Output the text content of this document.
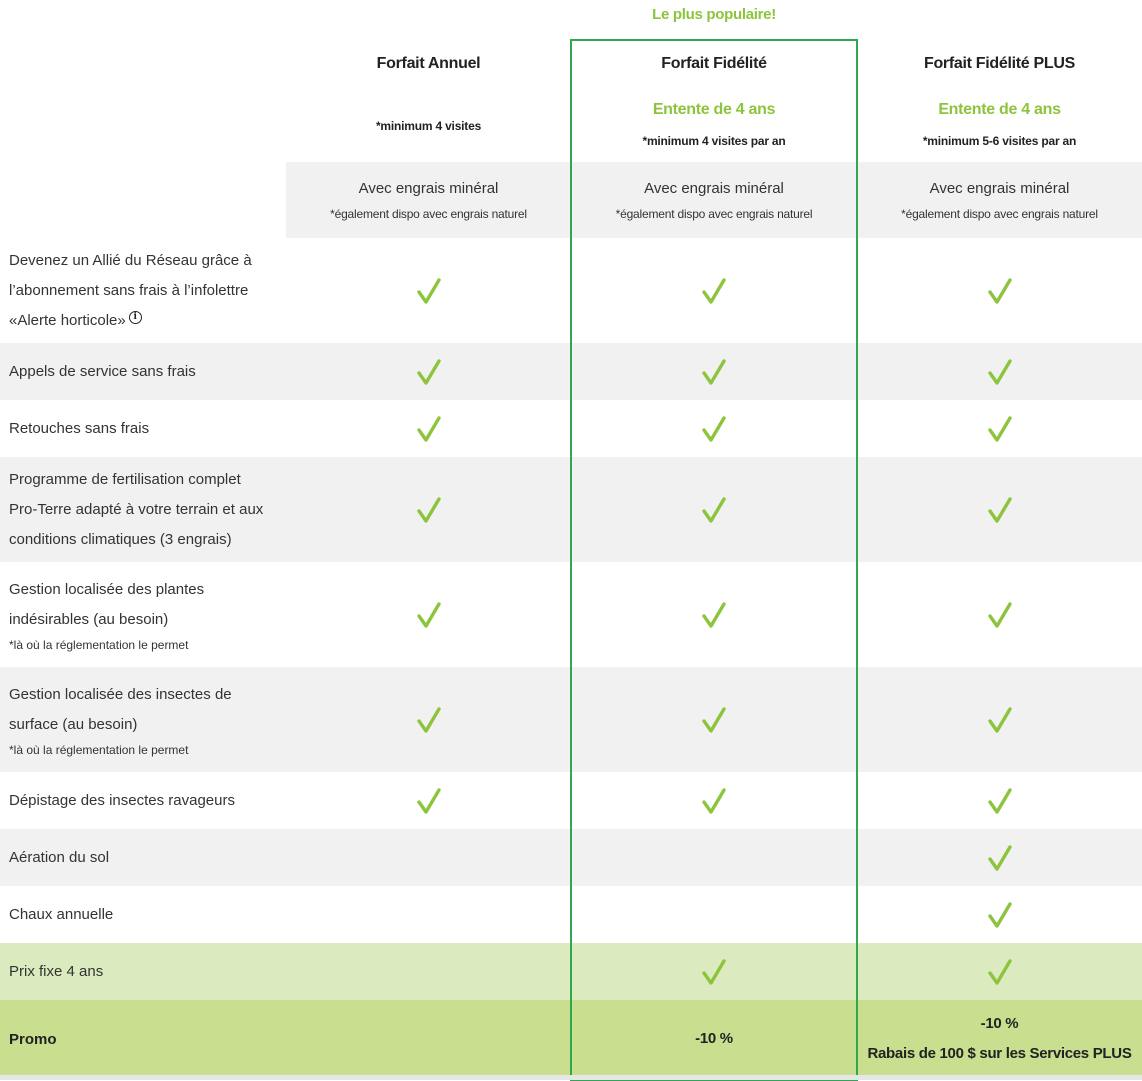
Forfait Annuel
*minimum 4 visites
Forfait Fidélité
Entente de 4 ans
*minimum 4 visites par an
Forfait Fidélité PLUS
Entente de 4 ans
*minimum 5-6 visites par an
Avec engrais minéral
*également dispo avec engrais naturel
Avec engrais minéral
*également dispo avec engrais naturel
Avec engrais minéral
*également dispo avec engrais naturel
Devenez un Allié du Réseau grâce à
l’abonnement sans frais à l’infolettre
«Alerte horticole» i
Appels de service sans frais
Retouches sans frais
Programme de fertilisation complet
Pro-Terre adapté à votre terrain et aux
conditions climatiques (3 engrais)
Gestion localisée des plantes
indésirables (au besoin)
*là où la réglementation le permet
Gestion localisée des insectes de
surface (au besoin)
*là où la réglementation le permet
Dépistage des insectes ravageurs
Aération du sol
Chaux annuelle
Prix fixe 4 ans
Promo	-10 %
-10 %
Rabais de 100 $ sur les Services PLUS
Le plus populaire!
